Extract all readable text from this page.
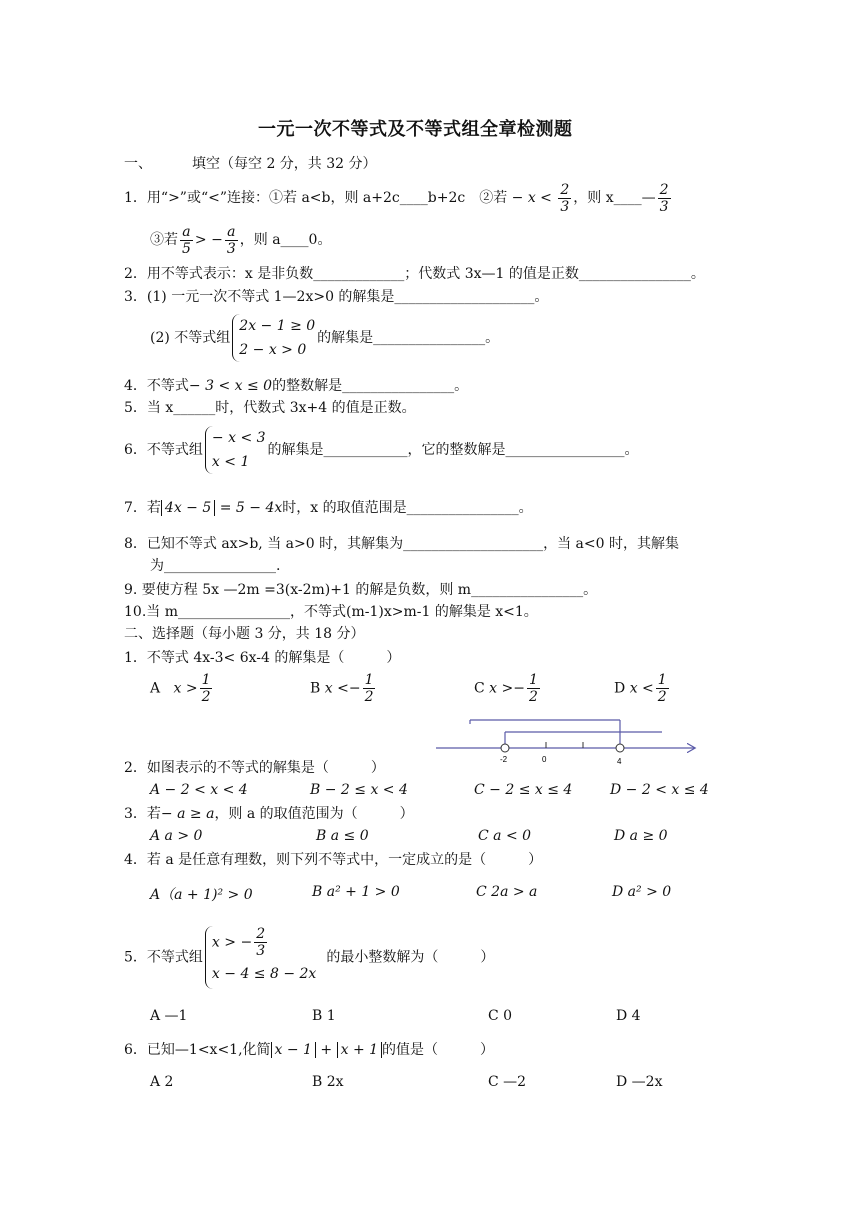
一元一次不等式及不等式组全章检测题
一、	填空（每空 2 分，共 32 分）
1．用“>”或“<”连接：①若 a<b，则 a+2c____b+2c　②若 − $x < \frac{2}{3}$ ，则 x____— $\frac{2}{3}$
③若 $\frac{a}{5}$ > − $\frac{a}{3}$ ，则 a____0。
2．用不等式表示：x 是非负数_____________；代数式 3x—1 的值是正数________________。
3．(1) 一元一次不等式 1—2x>0 的解集是____________________。
(2) 不等式组
2x − 1 ≥ 0
2 − x > 0
的解集是________________。
4．不等式− 3 < x ≤ 0的整数解是________________。
5．当 x______时，代数式 3x+4 的值是正数。
6．不等式组
− x < 3
x < 1
的解集是____________，它的整数解是_________________。
7．若 4x − 5 = 5 − 4x时，x 的取值范围是________________。
8．已知不等式 ax>b, 当 a>0 时，其解集为____________________，当 a<0 时，其解集
为________________.
9. 要使方程 5x —2m =3(x-2m)+1 的解是负数，则 m________________。
10.当 m________________，不等式(m-1)x>m-1 的解集是 x<1。
二、选择题（每小题 3 分，共 18 分）
1．不等式 4x-3< 6x-4 的解集是（　　　）
A $x > \frac{1}{2}$	B $x <- \frac{1}{2}$	C $x >- \frac{1}{2}$	D $x < \frac{1}{2}$
-2	0	4
2．如图表示的不等式的解集是（　　　）
A − 2 < x < 4	B − 2 ≤ x < 4	C − 2 ≤ x ≤ 4	D − 2 < x ≤ 4
3．若− a ≥ a，则 a 的取值范围为（　　　）
A a > 0	B a ≤ 0	C a < 0	D a ≥ 0
4．若 a 是任意有理数，则下列不等式中，一定成立的是（　　　）
A（a + 1)² > 0	B a² + 1 > 0	C 2a > a	D a² > 0
5．不等式组
x > − $\frac{2}{3}$
x − 4 ≤ 8 − 2x
的最小整数解为（　　　）
A —1	B 1	C 0	D 4
6．已知—1<x<1,化简 x − 1 + x + 1 的值是（　　　）
A 2	B 2x	C —2	D —2x
